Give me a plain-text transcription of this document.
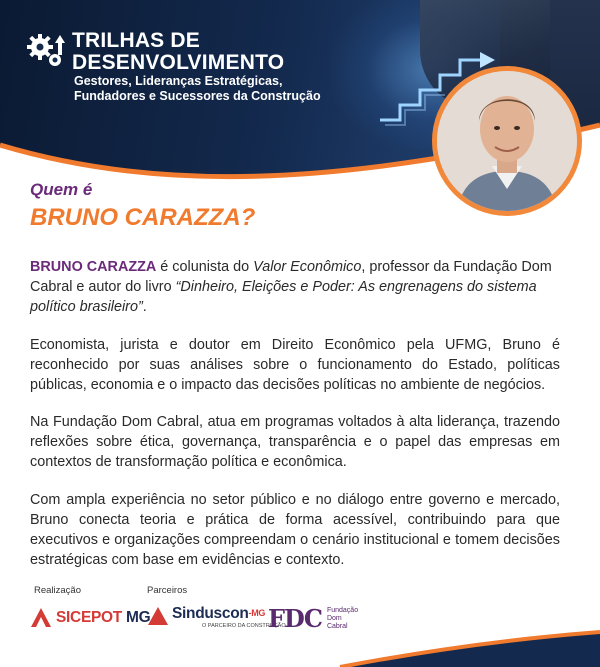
TRILHAS DE
DESENVOLVIMENTO
Gestores, Lideranças Estratégicas,
Fundadores e Sucessores da Construção
Quem é
BRUNO CARAZZA?
BRUNO CARAZZA é colunista do Valor Econômico, professor da Fundação Dom Cabral e autor do livro “Dinheiro, Eleições e Poder: As engrenagens do sistema político brasileiro”.
Economista, jurista e doutor em Direito Econômico pela UFMG, Bruno é reconhecido por suas análises sobre o funcionamento do Estado, políticas públicas, economia e o impacto das decisões políticas no ambiente de negócios.
Na Fundação Dom Cabral, atua em programas voltados à alta liderança, trazendo reflexões sobre ética, governança, transparência e o papel das empresas em contextos de transformação política e econômica.
Com ampla experiência no setor público e no diálogo entre governo e mercado, Bruno conecta teoria e prática de forma acessível, contribuindo para que executivos e organizações compreendam o cenário institucional e tomem decisões estratégicas com base em evidências e contexto.
Realização	Parceiros
SICEPOT MG Sinduscon$^{-MG}$
O PARCEIRO DA CONSTRUÇÃO
FDC Fundação
Dom
Cabral
